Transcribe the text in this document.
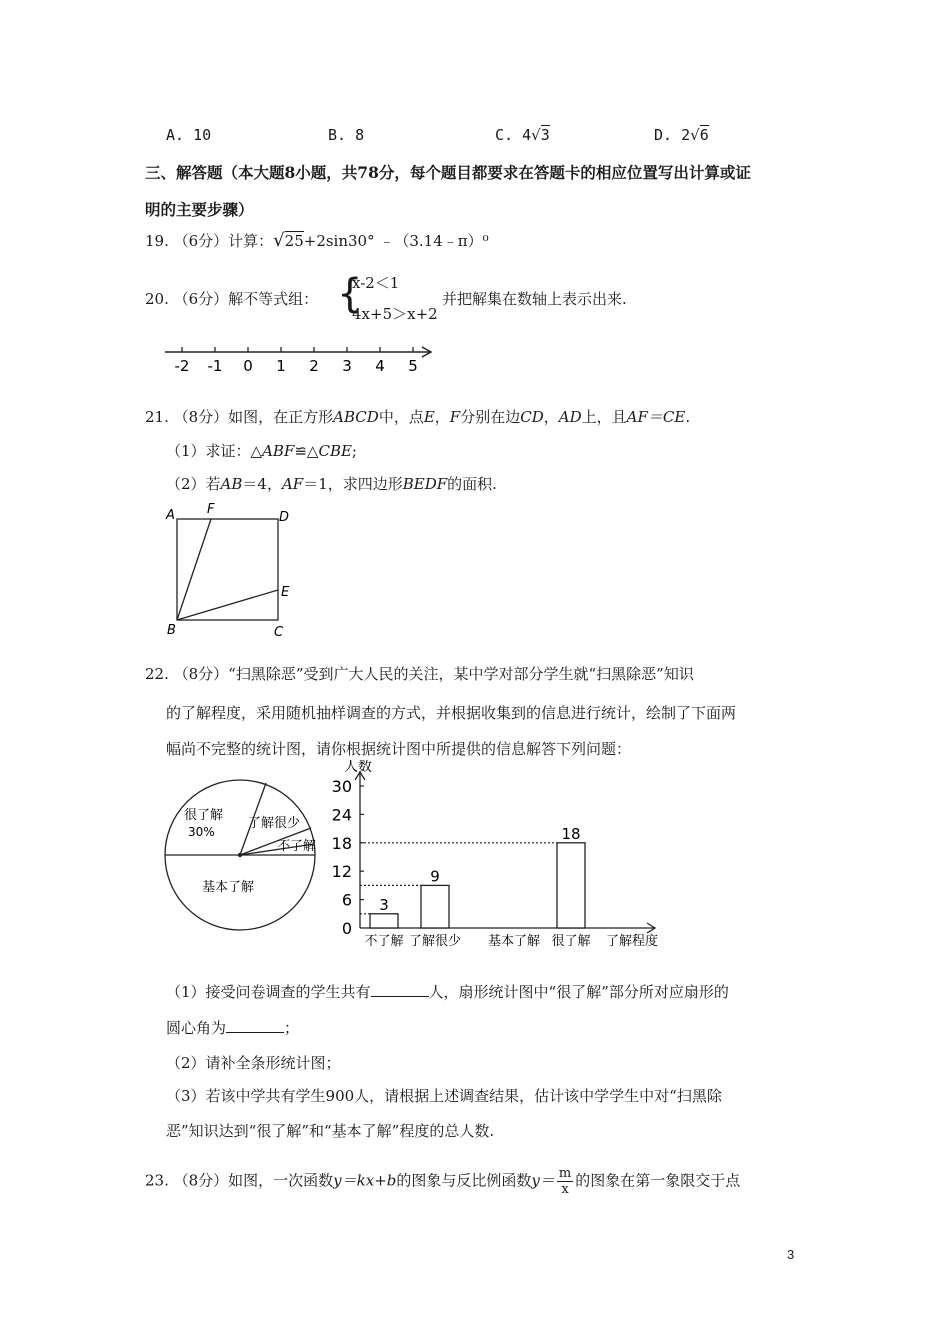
A. 10	B. 8	C. 4√3	D. 2√6
三、解答题（本大题8小题，共78分，每个题目都要求在答题卡的相应位置写出计算或证
明的主要步骤）
19. （6分）计算：√25+2sin30° ﹣（3.14﹣π）⁰
20. （6分）解不等式组： {
x-2＜1
4x+5＞x+2
并把解集在数轴上表示出来.
-2 -1 0 1 2 3 4 5
21. （8分）如图，在正方形ABCD中，点E，F分别在边CD，AD上，且AF＝CE.
（1）求证：△ABF≌△CBE;
（2）若AB＝4，AF＝1，求四边形BEDF的面积.
A F
D
E
B	C
22. （8分）“扫黑除恶”受到广大人民的关注，某中学对部分学生就“扫黑除恶”知识
的了解程度，采用随机抽样调查的方式，并根据收集到的信息进行统计，绘制了下面两
幅尚不完整的统计图，请你根据统计图中所提供的信息解答下列问题：
很了解
30%
了解很少
不了解
基本了解
人数
0
6
12
18
24
30
不了解
3
了解很少
9
基本了解 很了解
18
了解程度
（1）接受问卷调查的学生共有	人，扇形统计图中“很了解”部分所对应扇形的
圆心角为	；
（2）请补全条形统计图；
（3）若该中学共有学生900人，请根据上述调查结果，估计该中学学生中对“扫黑除
恶”知识达到“很了解”和“基本了解”程度的总人数.
23. （8分）如图，一次函数y＝kx+b的图象与反比例函数$y= \frac{m}{x}$ 的图象在第一象限交于点
3
